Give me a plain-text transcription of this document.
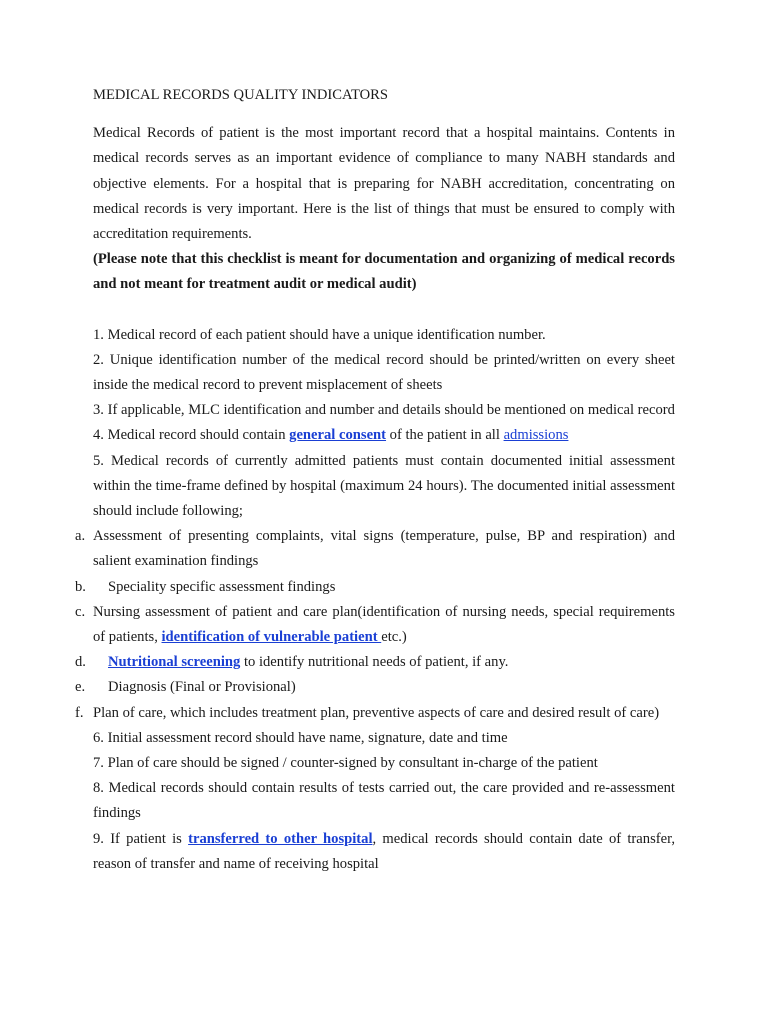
MEDICAL RECORDS QUALITY INDICATORS

Medical Records of patient is the most important record that a hospital maintains. Contents in medical records serves as an important evidence of compliance to many NABH standards and objective elements. For a hospital that is preparing for NABH accreditation, concentrating on medical records is very important. Here is the list of things that must be ensured to comply with accreditation requirements.

(Please note that this checklist is meant for documentation and organizing of medical records and not meant for treatment audit or medical audit)

1. Medical record of each patient should have a unique identification number.
2. Unique identification number of the medical record should be printed/written on every sheet inside the medical record to prevent misplacement of sheets
3. If applicable, MLC identification and number and details should be mentioned on medical record
4. Medical record should contain general consent of the patient in all admissions
5. Medical records of currently admitted patients must contain documented initial assessment within the time-frame defined by hospital (maximum 24 hours). The documented initial assessment should include following;
a. Assessment of presenting complaints, vital signs (temperature, pulse, BP and respiration) and salient examination findings
b. Speciality specific assessment findings
c. Nursing assessment of patient and care plan(identification of nursing needs, special requirements of patients, identification of vulnerable patient etc.)
d. Nutritional screening to identify nutritional needs of patient, if any.
e. Diagnosis (Final or Provisional)
f. Plan of care, which includes treatment plan, preventive aspects of care and desired result of care)
6. Initial assessment record should have name, signature, date and time
7. Plan of care should be signed / counter-signed by consultant in-charge of the patient
8. Medical records should contain results of tests carried out, the care provided and re-assessment findings
9. If patient is transferred to other hospital, medical records should contain date of transfer, reason of transfer and name of receiving hospital
